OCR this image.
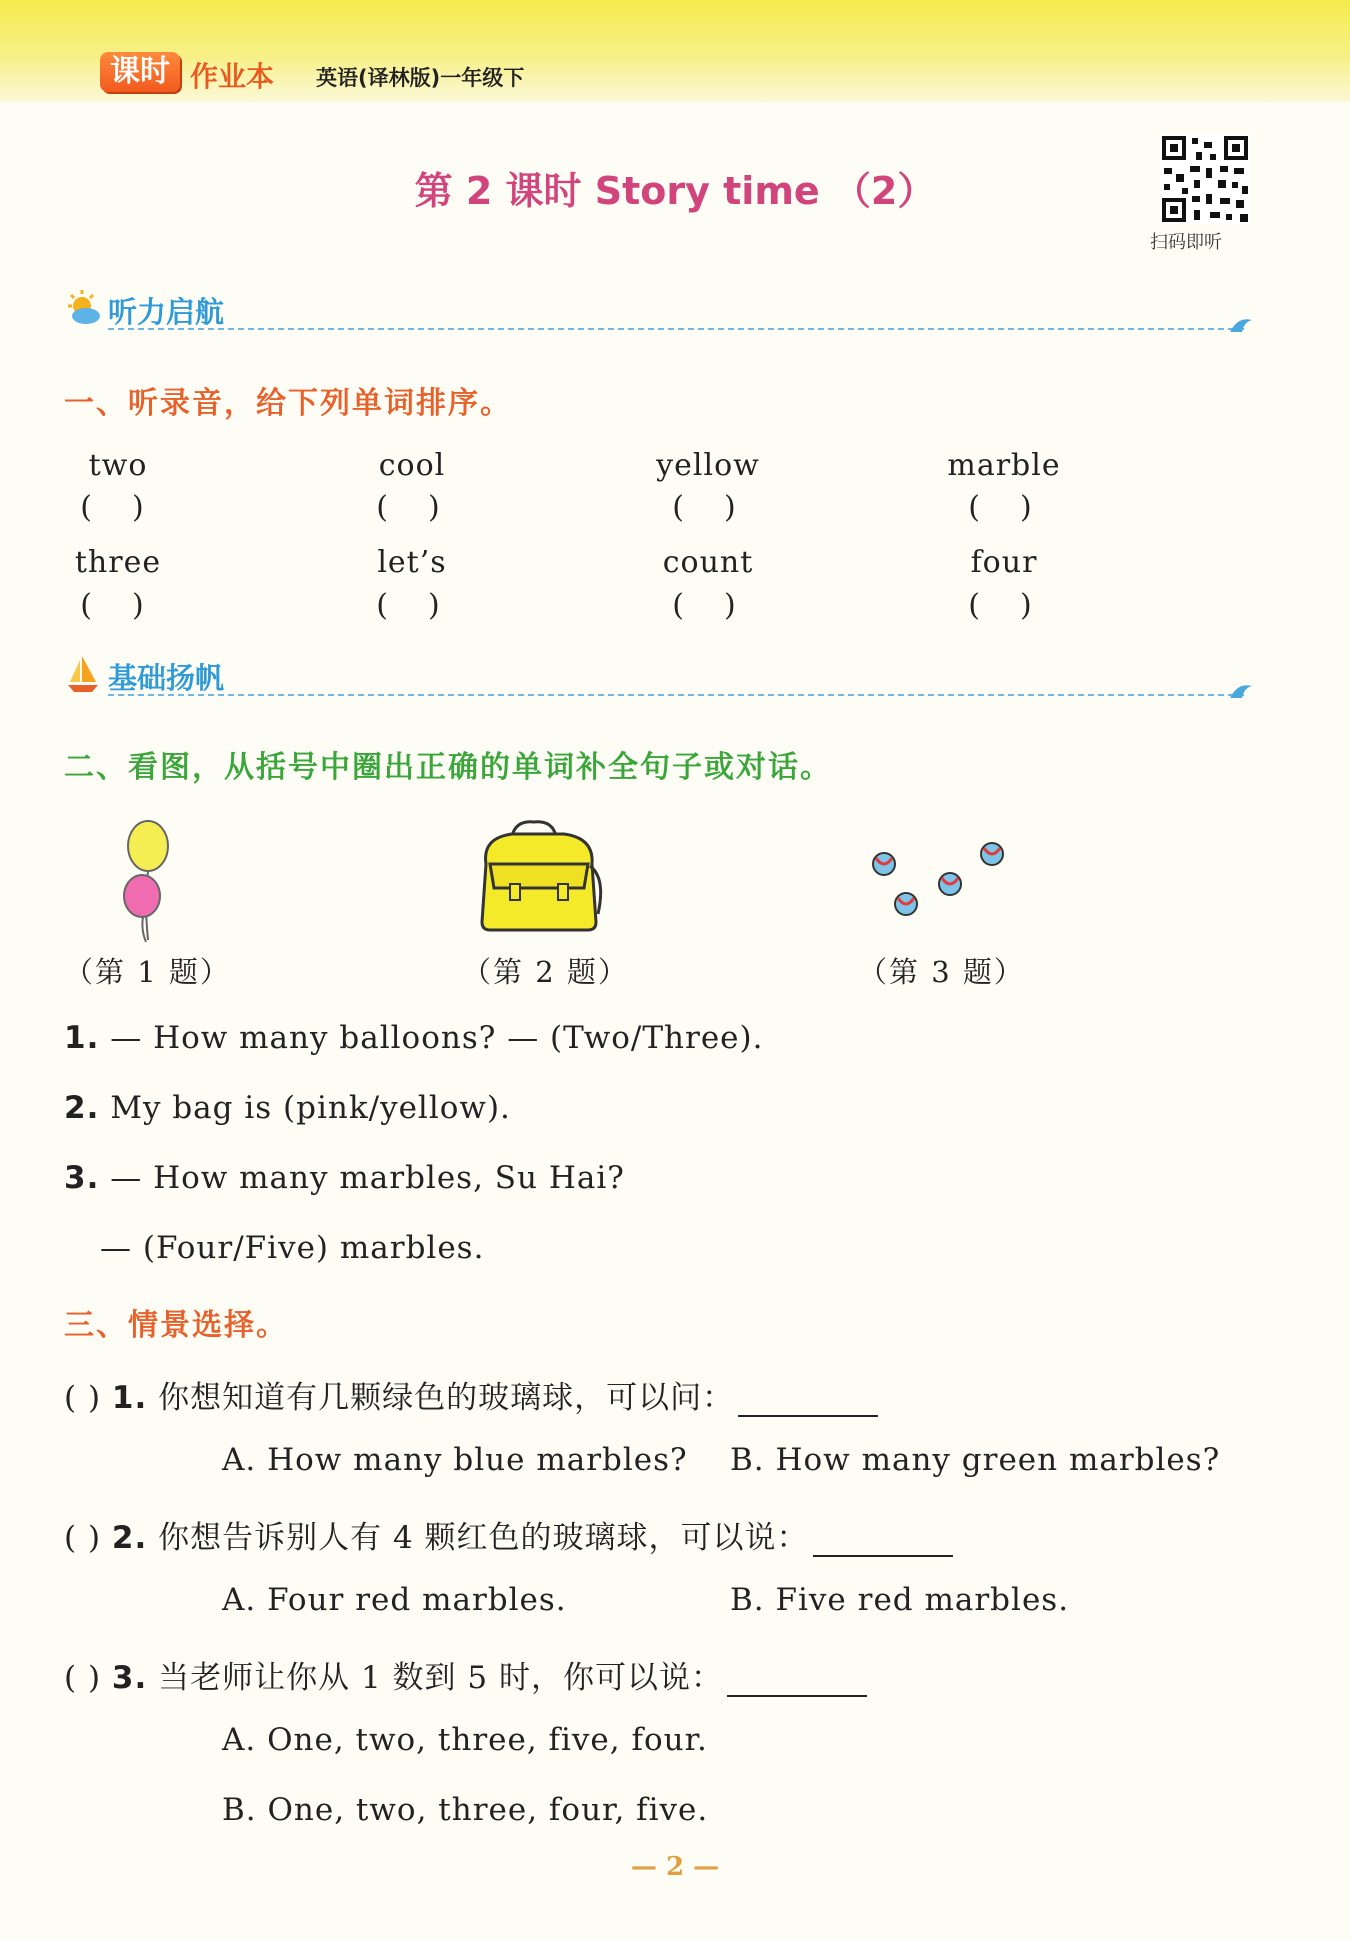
课时 作业本 英语(译林版)一年级下
第 2 课时 Story time （2）
扫码即听
听力启航
一、听录音，给下列单词排序。
two	cool	yellow	marble
()	()	()	()
three	let’s	count	four
()	()	()	()
基础扬帆
二、看图，从括号中圈出正确的单词补全句子或对话。
（第 1 题）	（第 2 题）	（第 3 题）
1. — How many balloons? — (Two/Three).
2. My bag is (pink/yellow).
3. — How many marbles, Su Hai?
— (Four/Five) marbles.
三、情景选择。
( ) 1. 你想知道有几颗绿色的玻璃球，可以问：
A. How many blue marbles? B. How many green marbles?
( ) 2. 你想告诉别人有 4 颗红色的玻璃球，可以说：
A. Four red marbles.	B. Five red marbles.
( ) 3. 当老师让你从 1 数到 5 时，你可以说：
A. One, two, three, five, four.
B. One, two, three, four, five.
— 2 —
